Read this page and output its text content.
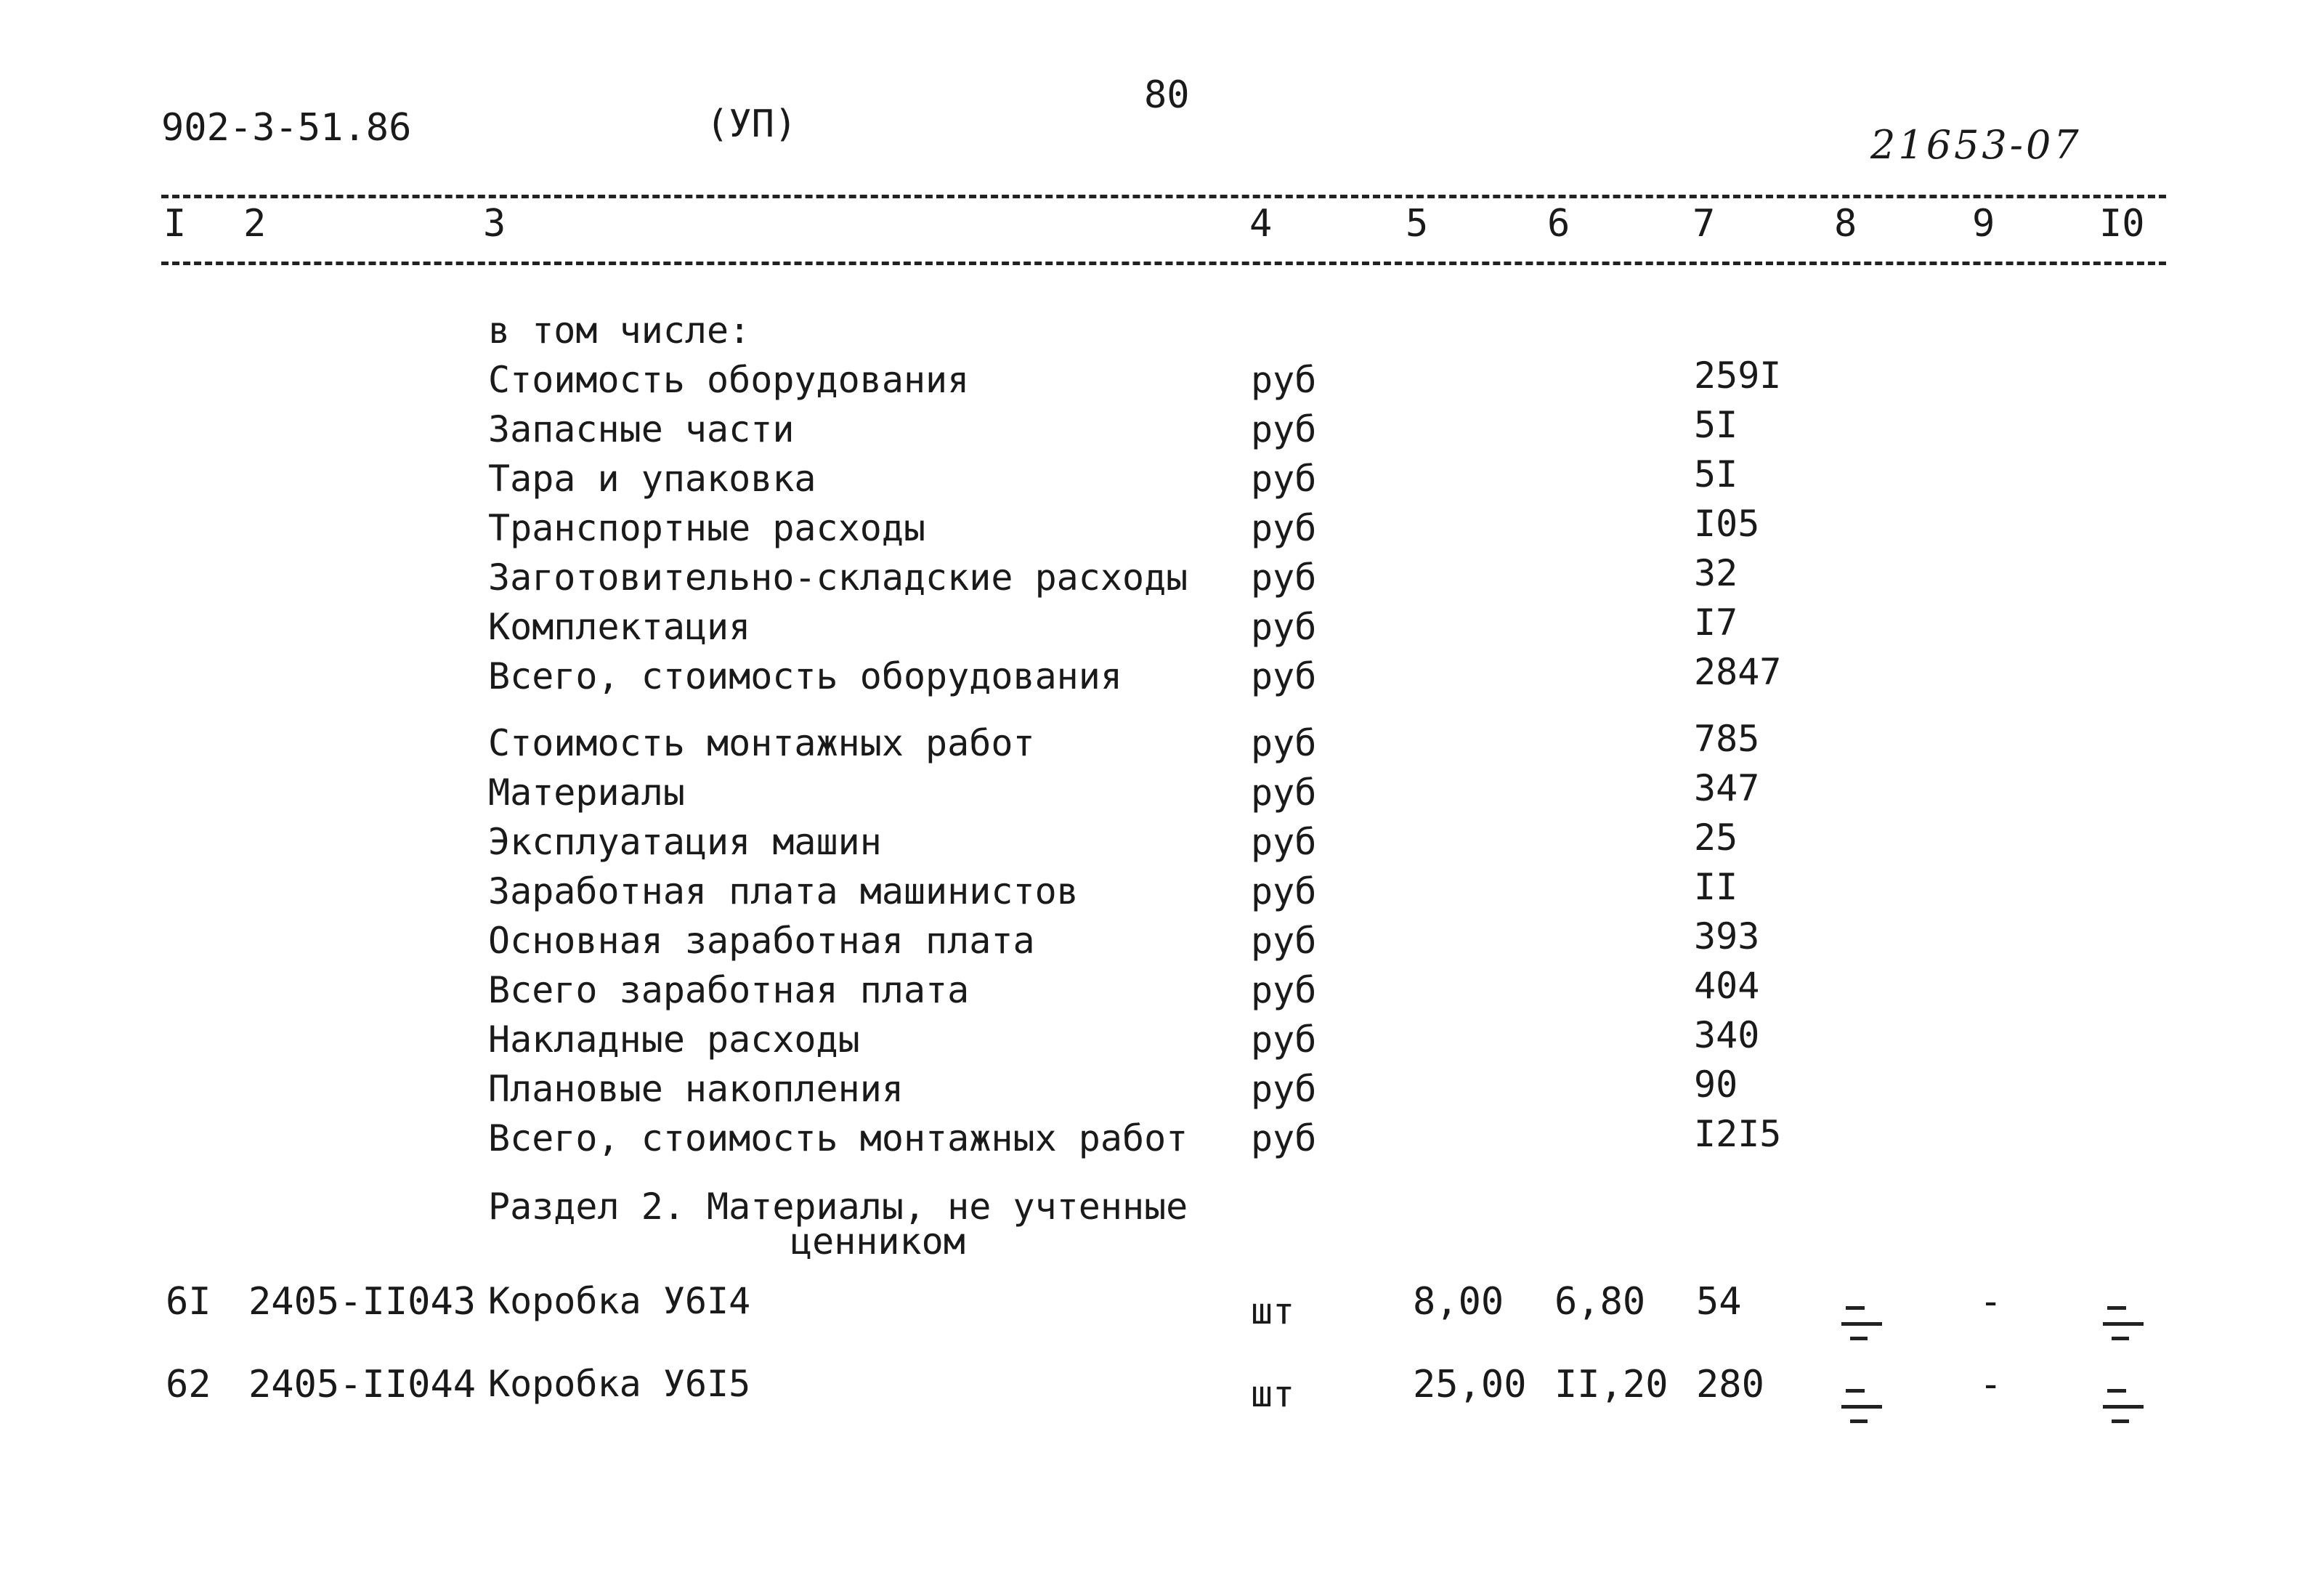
902-3-51.86	(УП)
80
21653-07
I 2	3	4	5	6	7	8	9	I0
в том числе:
Стоимость оборудования	руб	259I
Запасные части	руб	5I
Тара и упаковка	руб	5I
Транспортные расходы	руб	I05
Заготовительно-складские расходы руб	32
Комплектация	руб	I7
Всего, стоимость оборудования	руб	2847
Стоимость монтажных работ	руб	785
Материалы	руб	347
Эксплуатация машин	руб	25
Заработная плата машинистов	руб	II
Основная заработная плата	руб	393
Всего заработная плата	руб	404
Накладные расходы	руб	340
Плановые накопления	руб	90
Всего, стоимость монтажных работ руб	I2I5
Раздел 2. Материалы, не учтенные
ценником
6I 2405-II043 Коробка У6I4	шт	8,00 6,80 54	-
62 2405-II044 Коробка У6I5	шт	25,00 II,20 280	-
